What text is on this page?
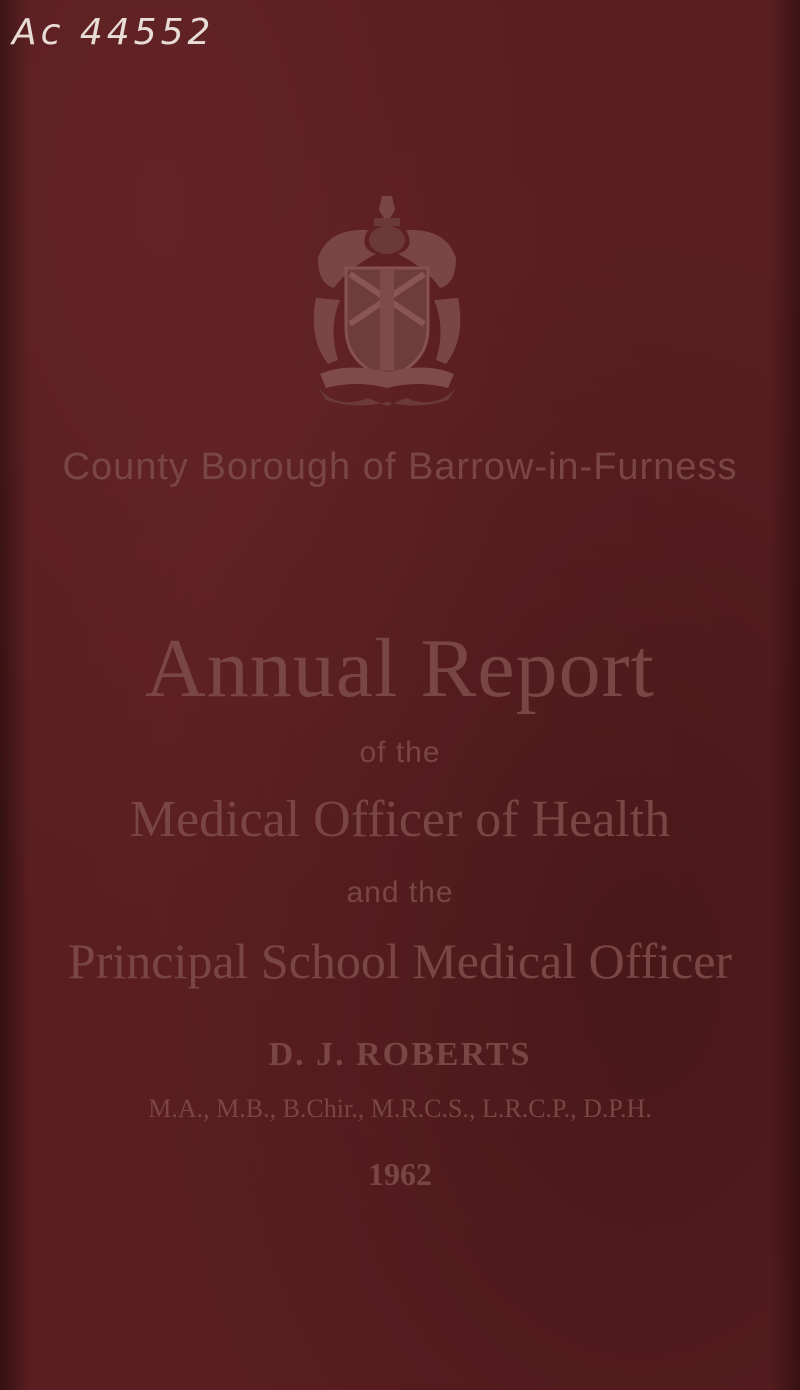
Ac 44552
County Borough of Barrow-in-Furness
Annual Report
of the
Medical Officer of Health
and the
Principal School Medical Officer
D. J. ROBERTS
M.A., M.B., B.Chir., M.R.C.S., L.R.C.P., D.P.H.
1962
